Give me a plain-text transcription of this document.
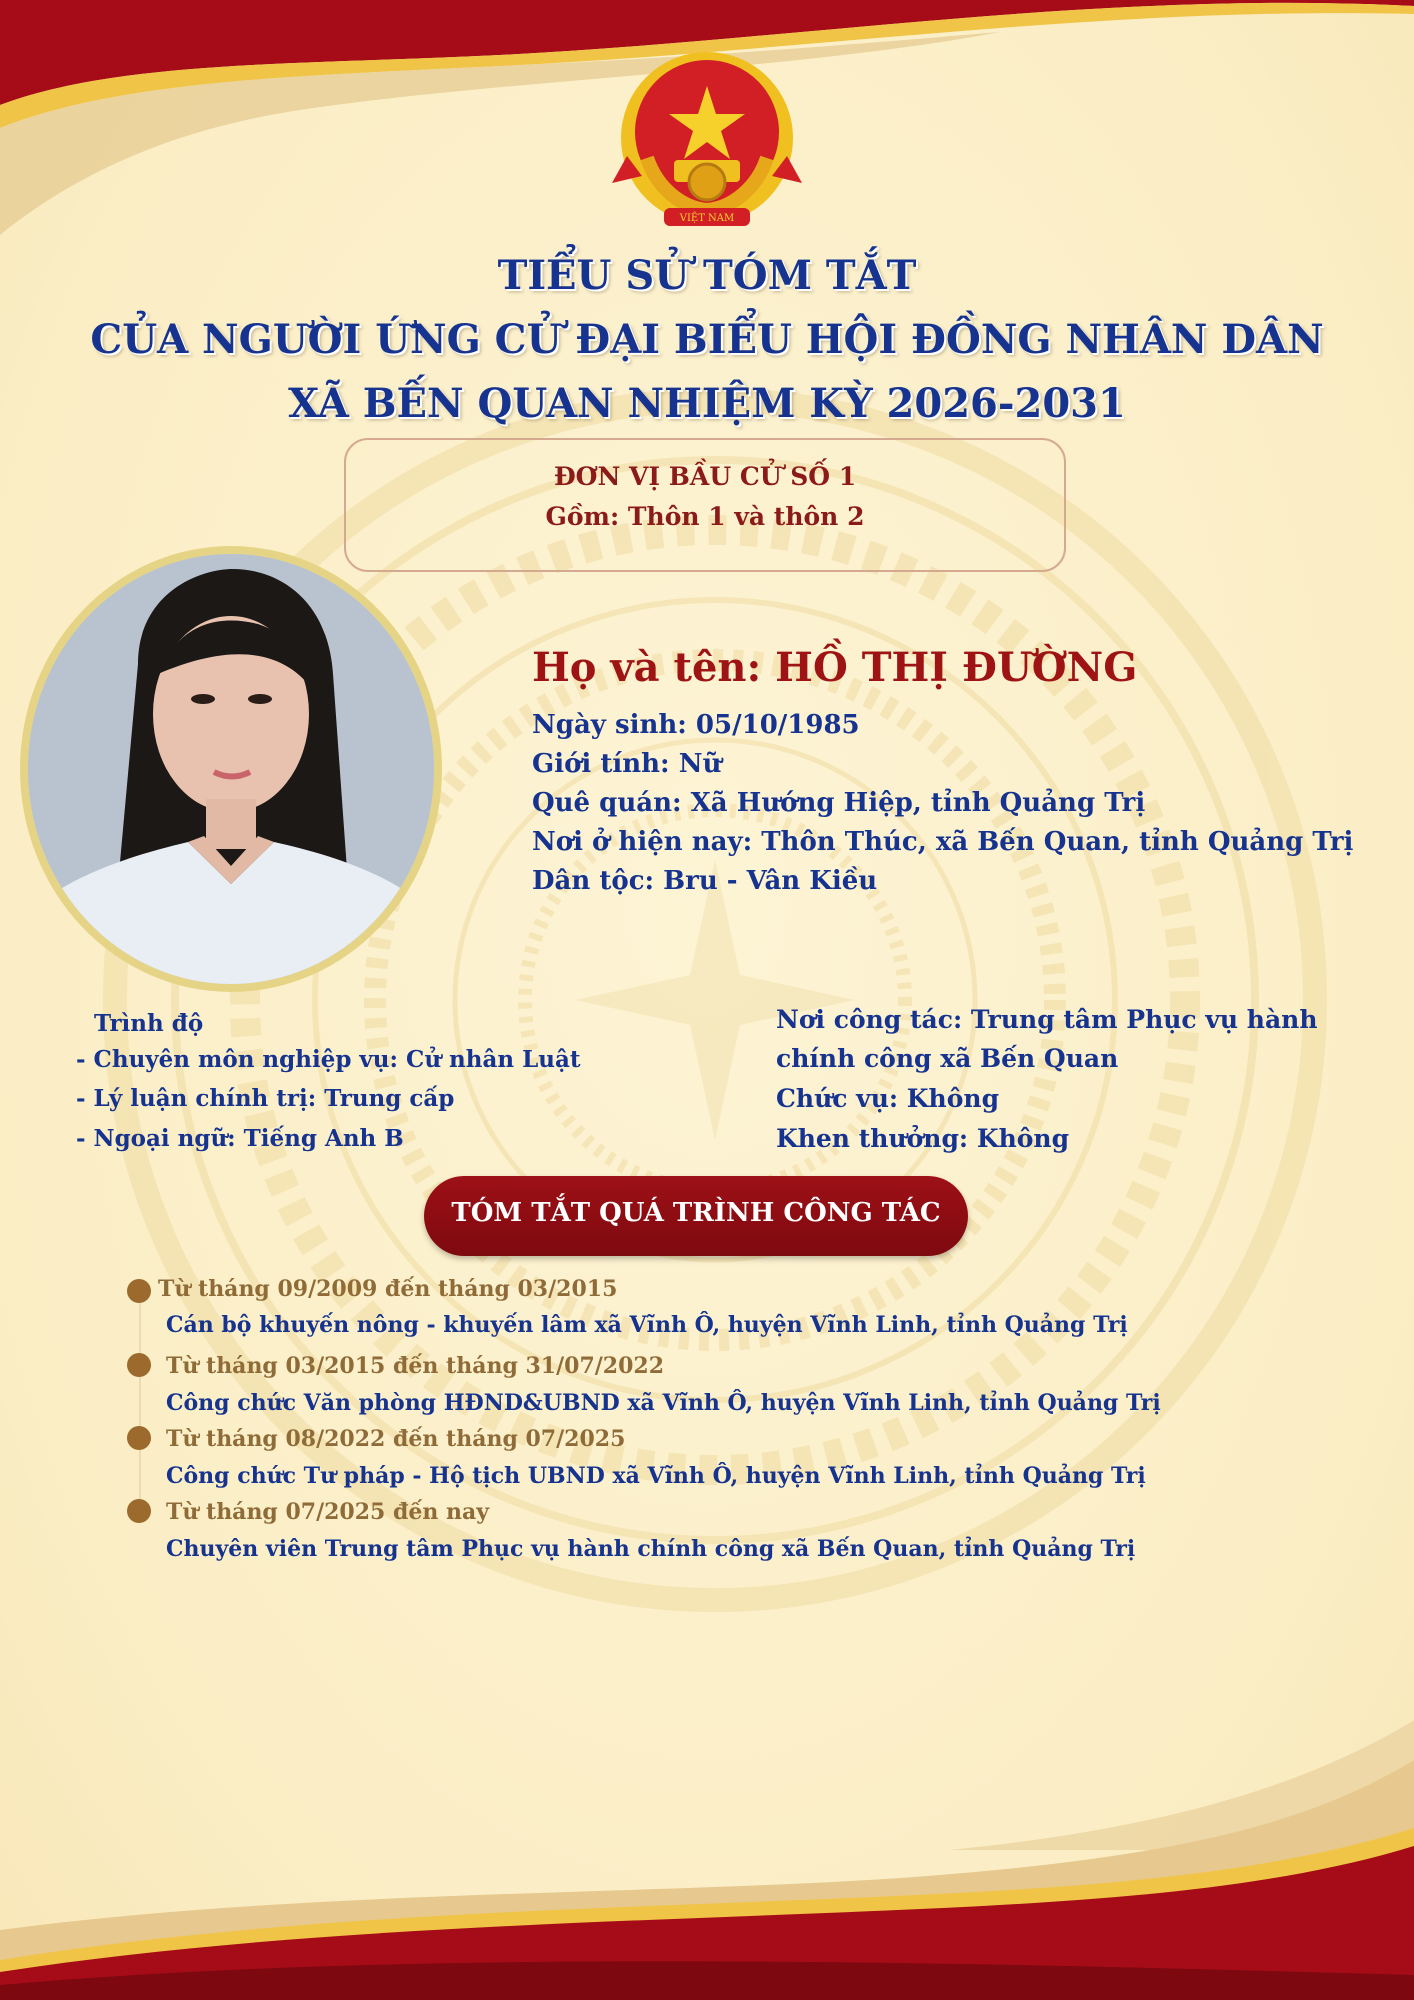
VIỆT NAM
TIỂU SỬ TÓM TẮT
CỦA NGƯỜI ỨNG CỬ ĐẠI BIỂU HỘI ĐỒNG NHÂN DÂN
XÃ BẾN QUAN NHIỆM KỲ 2026-2031
ĐƠN VỊ BẦU CỬ SỐ 1
Gồm: Thôn 1 và thôn 2
Họ và tên: HỒ THỊ ĐƯỜNG
Ngày sinh: 05/10/1985
Giới tính: Nữ
Quê quán: Xã Hướng Hiệp, tỉnh Quảng Trị
Nơi ở hiện nay: Thôn Thúc, xã Bến Quan, tỉnh Quảng Trị
Dân tộc: Bru - Vân Kiều
Trình độ
- Chuyên môn nghiệp vụ: Cử nhân Luật
- Lý luận chính trị: Trung cấp
- Ngoại ngữ: Tiếng Anh B
Nơi công tác: Trung tâm Phục vụ hành
chính công xã Bến Quan
Chức vụ: Không
Khen thưởng: Không
TÓM TẮT QUÁ TRÌNH CÔNG TÁC
Từ tháng 09/2009 đến tháng 03/2015
Cán bộ khuyến nông - khuyến lâm xã Vĩnh Ô, huyện Vĩnh Linh, tỉnh Quảng Trị
Từ tháng 03/2015 đến tháng 31/07/2022
Công chức Văn phòng HĐND&UBND xã Vĩnh Ô, huyện Vĩnh Linh, tỉnh Quảng Trị
Từ tháng 08/2022 đến tháng 07/2025
Công chức Tư pháp - Hộ tịch UBND xã Vĩnh Ô, huyện Vĩnh Linh, tỉnh Quảng Trị
Từ tháng 07/2025 đến nay
Chuyên viên Trung tâm Phục vụ hành chính công xã Bến Quan, tỉnh Quảng Trị
